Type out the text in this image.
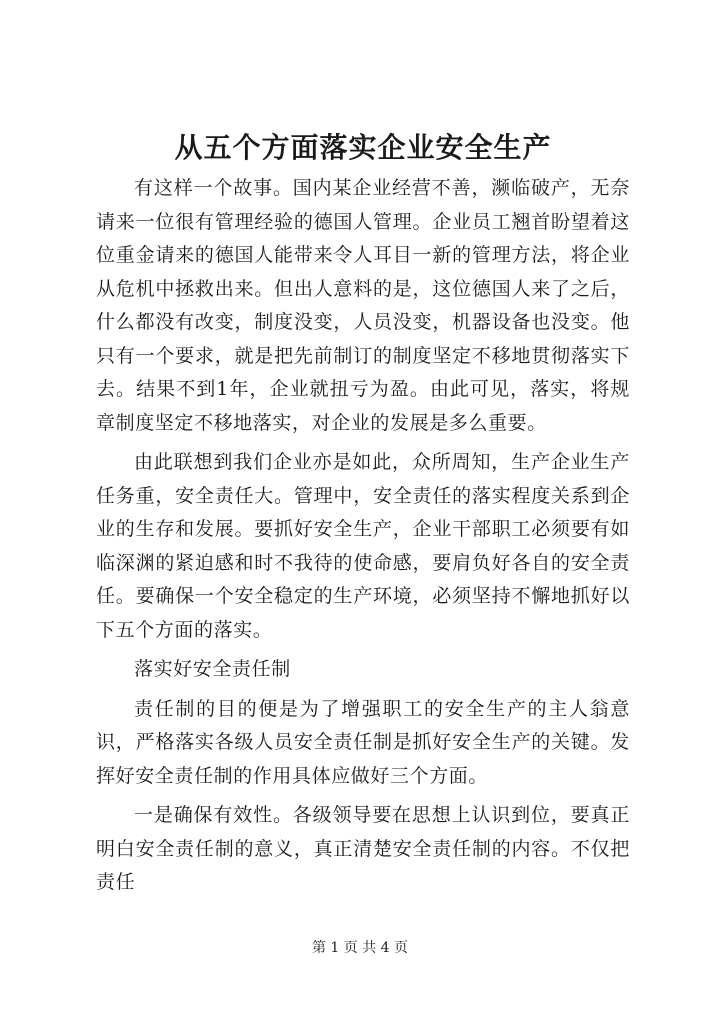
从五个方面落实企业安全生产

有这样一个故事。国内某企业经营不善，濒临破产，无奈请来一位很有管理经验的德国人管理。企业员工翘首盼望着这位重金请来的德国人能带来令人耳目一新的管理方法，将企业从危机中拯救出来。但出人意料的是，这位德国人来了之后，什么都没有改变，制度没变，人员没变，机器设备也没变。他只有一个要求，就是把先前制订的制度坚定不移地贯彻落实下去。结果不到1年，企业就扭亏为盈。由此可见，落实，将规章制度坚定不移地落实，对企业的发展是多么重要。

由此联想到我们企业亦是如此，众所周知，生产企业生产任务重，安全责任大。管理中，安全责任的落实程度关系到企业的生存和发展。要抓好安全生产，企业干部职工必须要有如临深渊的紧迫感和时不我待的使命感，要肩负好各自的安全责任。要确保一个安全稳定的生产环境，必须坚持不懈地抓好以下五个方面的落实。

落实好安全责任制

责任制的目的便是为了增强职工的安全生产的主人翁意识，严格落实各级人员安全责任制是抓好安全生产的关键。发挥好安全责任制的作用具体应做好三个方面。

一是确保有效性。各级领导要在思想上认识到位，要真正明白安全责任制的意义，真正清楚安全责任制的内容。不仅把责任

第 1 页 共 4 页
